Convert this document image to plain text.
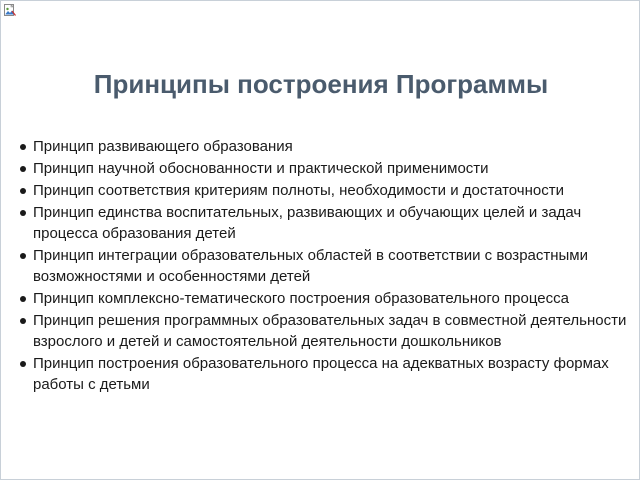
Принципы построения Программы
Принцип развивающего образования
Принцип научной обоснованности и практической применимости
Принцип соответствия критериям полноты, необходимости и достаточности
Принцип единства воспитательных, развивающих и обучающих целей и задач процесса образования детей
Принцип интеграции образовательных областей в соответствии с возрастными возможностями и особенностями детей
Принцип комплексно-тематического построения образовательного процесса
Принцип решения программных образовательных задач в совместной деятельности взрослого и детей и самостоятельной деятельности дошкольников
Принцип построения образовательного процесса на адекватных возрасту формах работы с детьми
